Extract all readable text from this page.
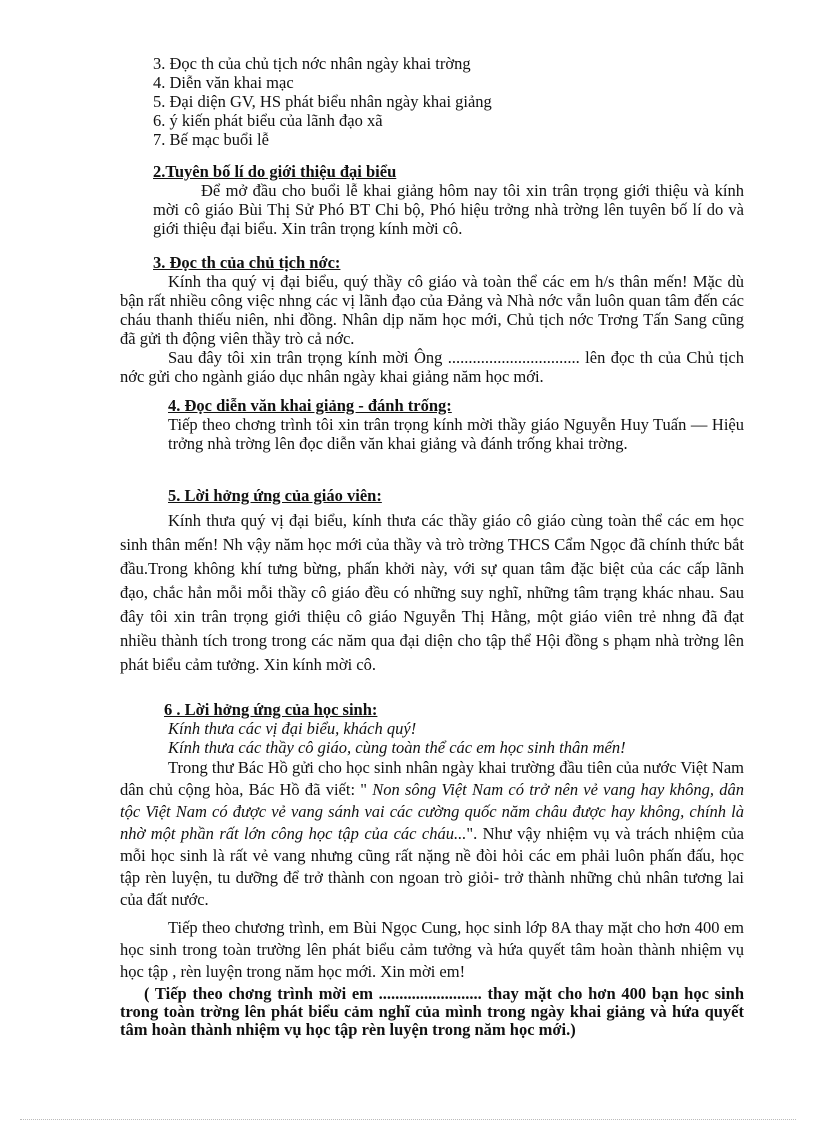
3. Đọc th của chủ tịch nớc nhân ngày khai trờng
4. Diễn văn khai mạc
5. Đại diện GV, HS phát biểu nhân ngày khai giảng
6. ý kiến phát biểu của lãnh đạo xã
7. Bế mạc buổi lễ
2.Tuyên bố lí do giới thiệu đại biểu
Để mở đầu cho buổi lễ khai giảng hôm nay tôi xin trân trọng giới thiệu và kính mời cô giáo Bùi Thị Sử Phó BT Chi bộ, Phó hiệu trởng nhà trờng lên tuyên bố lí do và giới thiệu đại biểu. Xin trân trọng kính mời cô.
3. Đọc th của chủ tịch nớc:
Kính tha quý vị đại biểu, quý thầy cô giáo và toàn thể các em h/s thân mến! Mặc dù bận rất nhiều công việc nhng các vị lãnh đạo của Đảng và Nhà nớc vẫn luôn quan tâm đến các cháu thanh thiếu niên, nhi đồng. Nhân dịp năm học mới, Chủ tịch nớc Trơng Tấn Sang cũng đã gửi th động viên thầy trò cả nớc.
Sau đây tôi xin trân trọng kính mời Ông ................................ lên đọc th của Chủ tịch nớc gửi cho ngành giáo dục nhân ngày khai giảng năm học mới.
4. Đọc diễn văn khai giảng - đánh trống:
Tiếp theo chơng trình tôi xin trân trọng kính mời thầy giáo Nguyễn Huy Tuấn — Hiệu trởng nhà trờng lên đọc diễn văn khai giảng và đánh trống khai trờng.
5. Lời hởng ứng của giáo viên:
Kính thưa quý vị đại biểu, kính thưa các thầy giáo cô giáo cùng toàn thể các em học sinh thân mến! Nh vậy năm học mới của thầy và trò trờng THCS Cẩm Ngọc đã chính thức bắt đầu.Trong không khí tưng bừng, phấn khởi này, với sự quan tâm đặc biệt của các cấp lãnh đạo, chắc hẳn mỗi mỗi thầy cô giáo đều có những suy nghĩ, những tâm trạng khác nhau. Sau đây tôi xin trân trọng giới thiệu cô giáo Nguyễn Thị Hằng, một giáo viên trẻ nhng đã đạt nhiều thành tích trong trong các năm qua đại diện cho tập thể Hội đồng s phạm nhà trờng lên phát biểu cảm tưởng. Xin kính mời cô.
6 . Lời hởng ứng của học sinh:
Kính thưa các vị đại biểu, khách quý!
Kính thưa các thầy cô giáo, cùng toàn thể các em học sinh thân mến!
Trong thư Bác Hồ gửi cho học sinh nhân ngày khai trường đầu tiên của nước Việt Nam dân chủ cộng hòa, Bác Hồ đã viết: " Non sông Việt Nam có trở nên vẻ vang hay không, dân tộc Việt Nam có được vẻ vang sánh vai các cường quốc năm châu được hay không, chính là nhờ một phần rất lớn công học tập của các cháu...". Như vậy nhiệm vụ và trách nhiệm của mỗi học sinh là rất vẻ vang nhưng cũng rất nặng nề đòi hỏi các em phải luôn phấn đấu, học tập rèn luyện, tu dưỡng để trở thành con ngoan trò giỏi- trở thành những chủ nhân tương lai của đất nước.
Tiếp theo chương trình, em Bùi Ngọc Cung, học sinh lớp 8A thay mặt cho hơn 400 em học sinh trong toàn trường lên phát biểu cảm tưởng và hứa quyết tâm hoàn thành nhiệm vụ học tập , rèn luyện trong năm học mới. Xin mời em!
( Tiếp theo chơng trình mời em ......................... thay mặt cho hơn 400 bạn học sinh trong toàn trờng lên phát biểu cảm nghĩ của mình trong ngày khai giảng và hứa quyết tâm hoàn thành nhiệm vụ học tập rèn luyện trong năm học mới.)
